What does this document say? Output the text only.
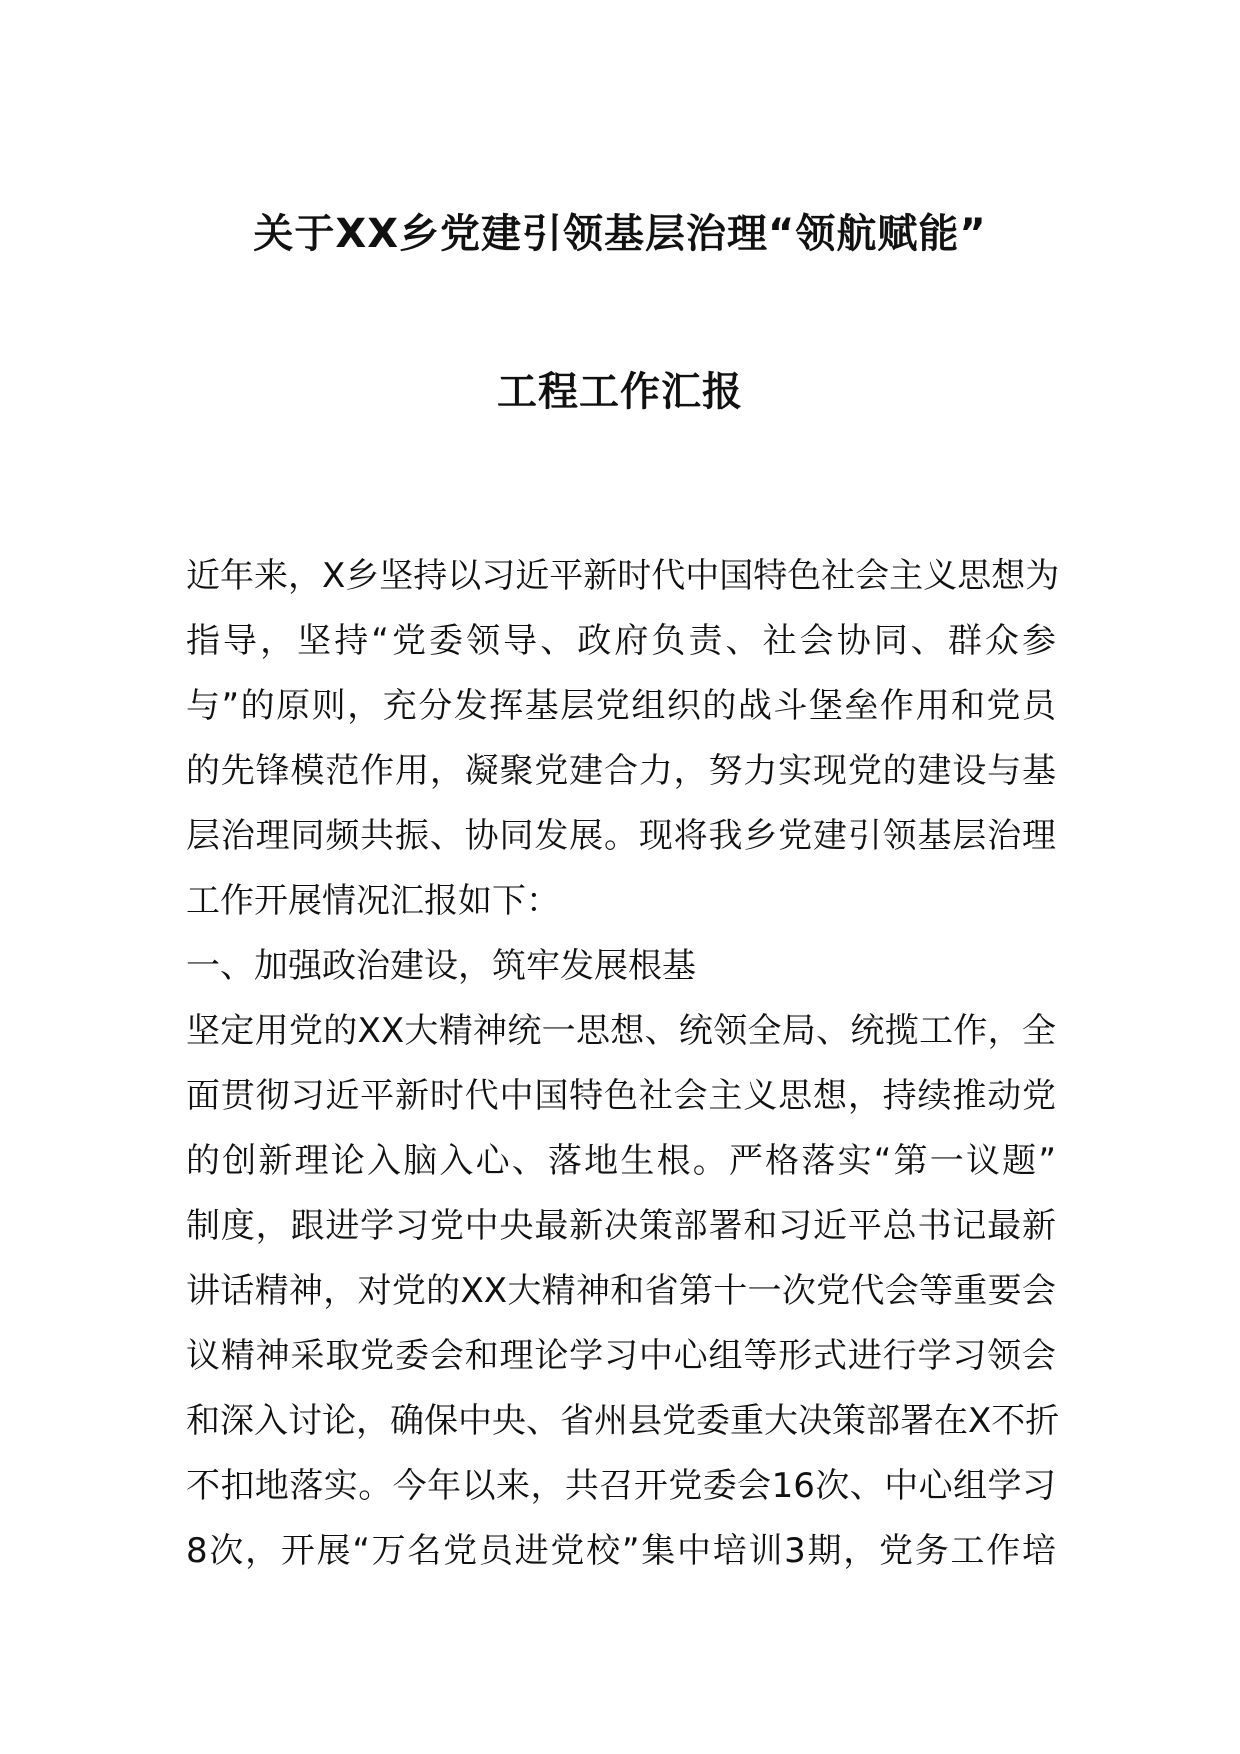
关于XX乡党建引领基层治理“领航赋能”
工程工作汇报
近年来，X乡坚持以习近平新时代中国特色社会主义思想为
指导，坚持“党委领导、政府负责、社会协同、群众参
与”的原则，充分发挥基层党组织的战斗堡垒作用和党员
的先锋模范作用，凝聚党建合力，努力实现党的建设与基
层治理同频共振、协同发展。现将我乡党建引领基层治理
工作开展情况汇报如下：
一、加强政治建设，筑牢发展根基
坚定用党的XX大精神统一思想、统领全局、统揽工作，全
面贯彻习近平新时代中国特色社会主义思想，持续推动党
的创新理论入脑入心、落地生根。严格落实“第一议题”
制度，跟进学习党中央最新决策部署和习近平总书记最新
讲话精神，对党的XX大精神和省第十一次党代会等重要会
议精神采取党委会和理论学习中心组等形式进行学习领会
和深入讨论，确保中央、省州县党委重大决策部署在X不折
不扣地落实。今年以来，共召开党委会16次、中心组学习
8次，开展“万名党员进党校”集中培训3期，党务工作培
